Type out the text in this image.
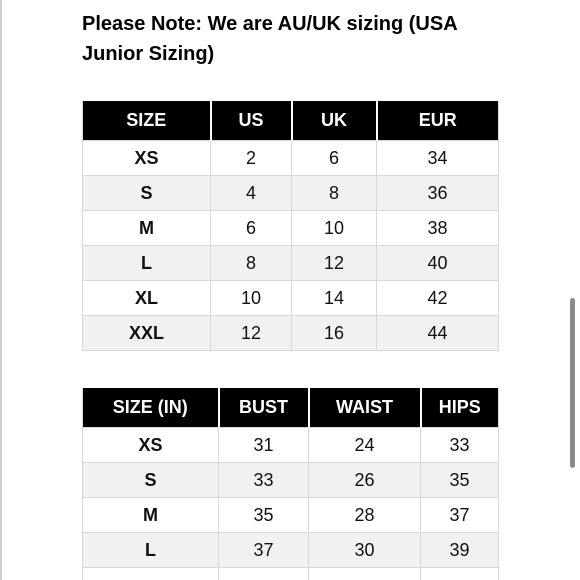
Please Note: We are AU/UK sizing (USA Junior Sizing)

SIZE	US	UK	EUR
XS	2	6	34
S	4	8	36
M	6	10	38
L	8	12	40
XL	10	14	42
XXL	12	16	44
SIZE (IN)	BUST	WAIST	HIPS
XS	31	24	33
S	33	26	35
M	35	28	37
L	37	30	39
